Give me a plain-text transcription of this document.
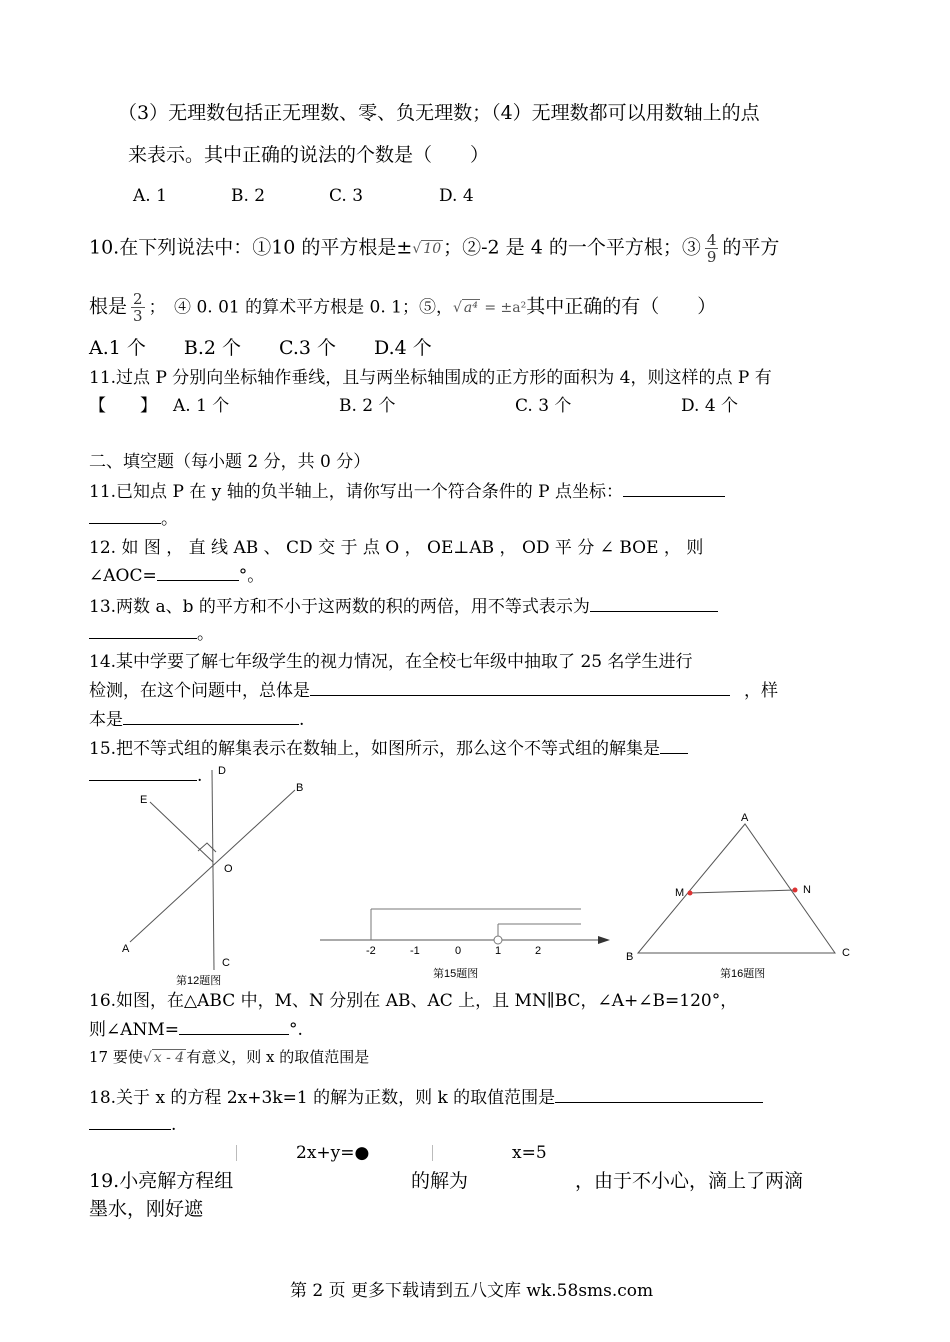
（3）无理数包括正无理数、零、负无理数；（4）无理数都可以用数轴上的点
来表示。其中正确的说法的个数是（　　）
A. 1	B. 2	C. 3	D. 4
10.在下列说法中：①10 的平方根是±√ 10 ；②-2 是 4 的一个平方根；③ $\frac{4}{9}$ 的平方
根是 $\frac{2}{3}$ ；　④ 0. 01 的算术平方根是 0. 1；⑤，√ a⁴ = ±a²其中正确的有（　　）
A.1 个　　B.2 个　　C.3 个　　D.4 个
11.过点 P 分别向坐标轴作垂线，且与两坐标轴围成的正方形的面积为 4，则这样的点 P 有
【　　】 A. 1 个	B. 2 个	C. 3 个	D. 4 个
二、填空题（每小题 2 分，共 0 分）
11.已知点 P 在 y 轴的负半轴上，请你写出一个符合条件的 P 点坐标：
。
12. 如 图 ， 直 线 AB 、 CD 交 于 点 O ， OE⊥AB ， OD 平 分 ∠ BOE ， 则
∠AOC=	°。
13.两数 a、b 的平方和不小于这两数的积的两倍，用不等式表示为
。
14.某中学要了解七年级学生的视力情况，在全校七年级中抽取了 25 名学生进行
检测，在这个问题中，总体是	，样
本是	.
15.把不等式组的解集表示在数轴上，如图所示，那么这个不等式组的解集是
. D
E
B
O
A
C
第12题图
-2	-1	0	1	2
第15题图
A
M	N
B	C
第16题图
16.如图，在△ABC 中，M、N 分别在 AB、AC 上，且 MN∥BC，∠A+∠B=120°，
则∠ANM=	°.
17 要使√ x - 4 有意义，则 x 的取值范围是
18.关于 x 的方程 2x+3k=1 的解为正数，则 k 的取值范围是
.
2x+y=●	x=5
19.小亮解方程组	的解为	，由于不小心，滴上了两滴
墨水，刚好遮
第 2 页 更多下载请到五八文库 wk.58sms.com
